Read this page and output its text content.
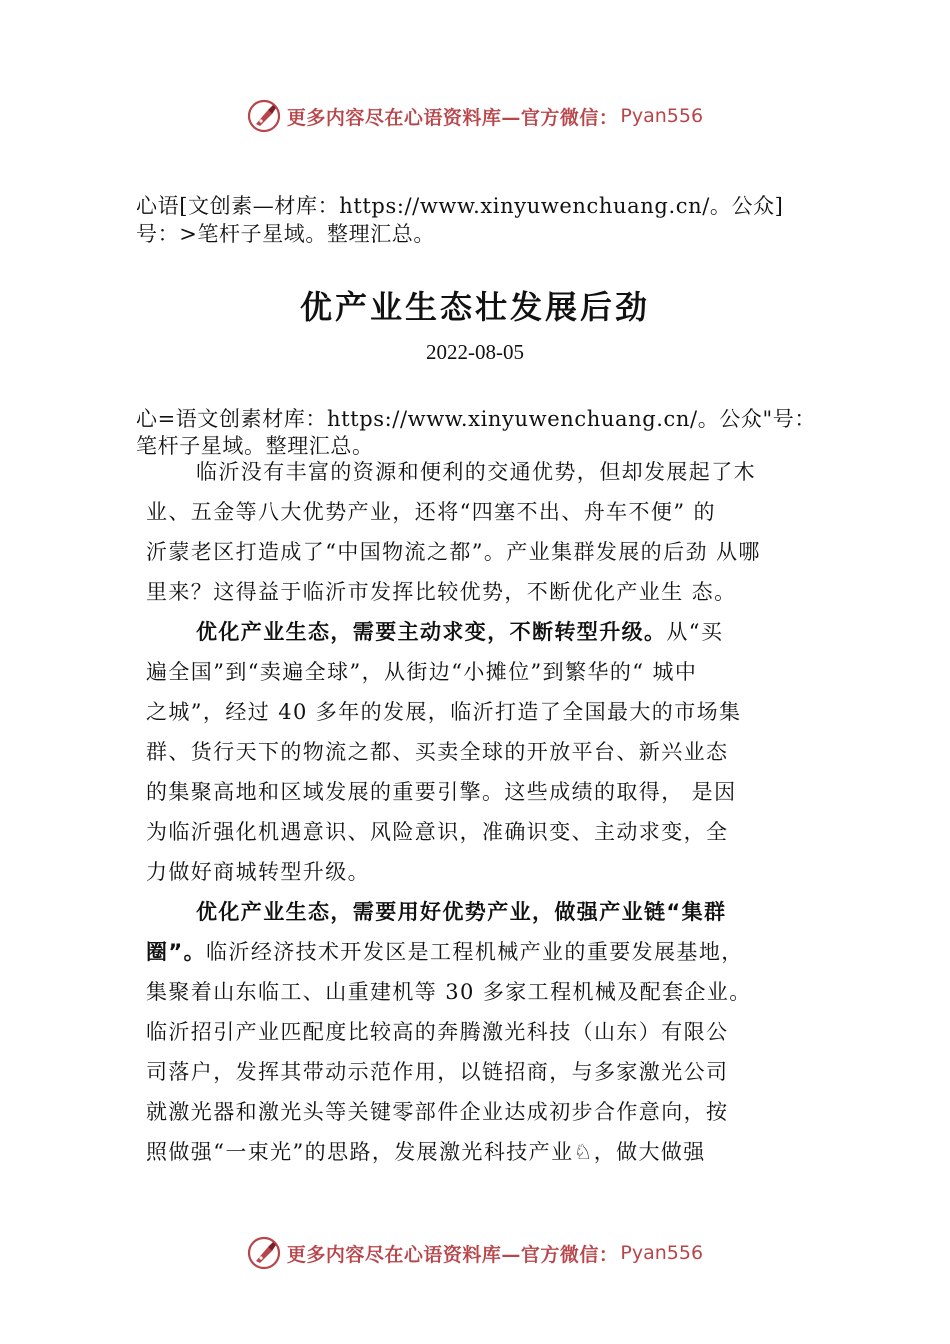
更多内容尽在心语资料库—官方微信： Pyan556
心语[文创素—材库：https://www.xinyuwenchuang.cn/。公众]
号：>笔杆子星域。整理汇总。
优产业生态壮发展后劲
2022-08-05
心=语文创素材库：https://www.xinyuwenchuang.cn/。公众"号：
笔杆子星域。整理汇总。
临沂没有丰富的资源和便利的交通优势，但却发展起了木
业、五金等八大优势产业，还将“四塞不出、舟车不便” 的
沂蒙老区打造成了“中国物流之都”。产业集群发展的后劲 从哪
里来？这得益于临沂市发挥比较优势，不断优化产业生 态。
优化产业生态，需要主动求变，不断转型升级。从“买
遍全国”到“卖遍全球”，从街边“小摊位”到繁华的“ 城中
之城”，经过 40 多年的发展，临沂打造了全国最大的市场集
群、货行天下的物流之都、买卖全球的开放平台、新兴业态
的集聚高地和区域发展的重要引擎。这些成绩的取得， 是因
为临沂强化机遇意识、风险意识，准确识变、主动求变，全
力做好商城转型升级。
优化产业生态，需要用好优势产业，做强产业链“集群
圈”。临沂经济技术开发区是工程机械产业的重要发展基地，
集聚着山东临工、山重建机等 30 多家工程机械及配套企业。
临沂招引产业匹配度比较高的奔腾激光科技（山东）有限公
司落户，发挥其带动示范作用，以链招商，与多家激光公司
就激光器和激光头等关键零部件企业达成初步合作意向，按
照做强“一束光”的思路，发展激光科技产业♘，做大做强
更多内容尽在心语资料库—官方微信： Pyan556
